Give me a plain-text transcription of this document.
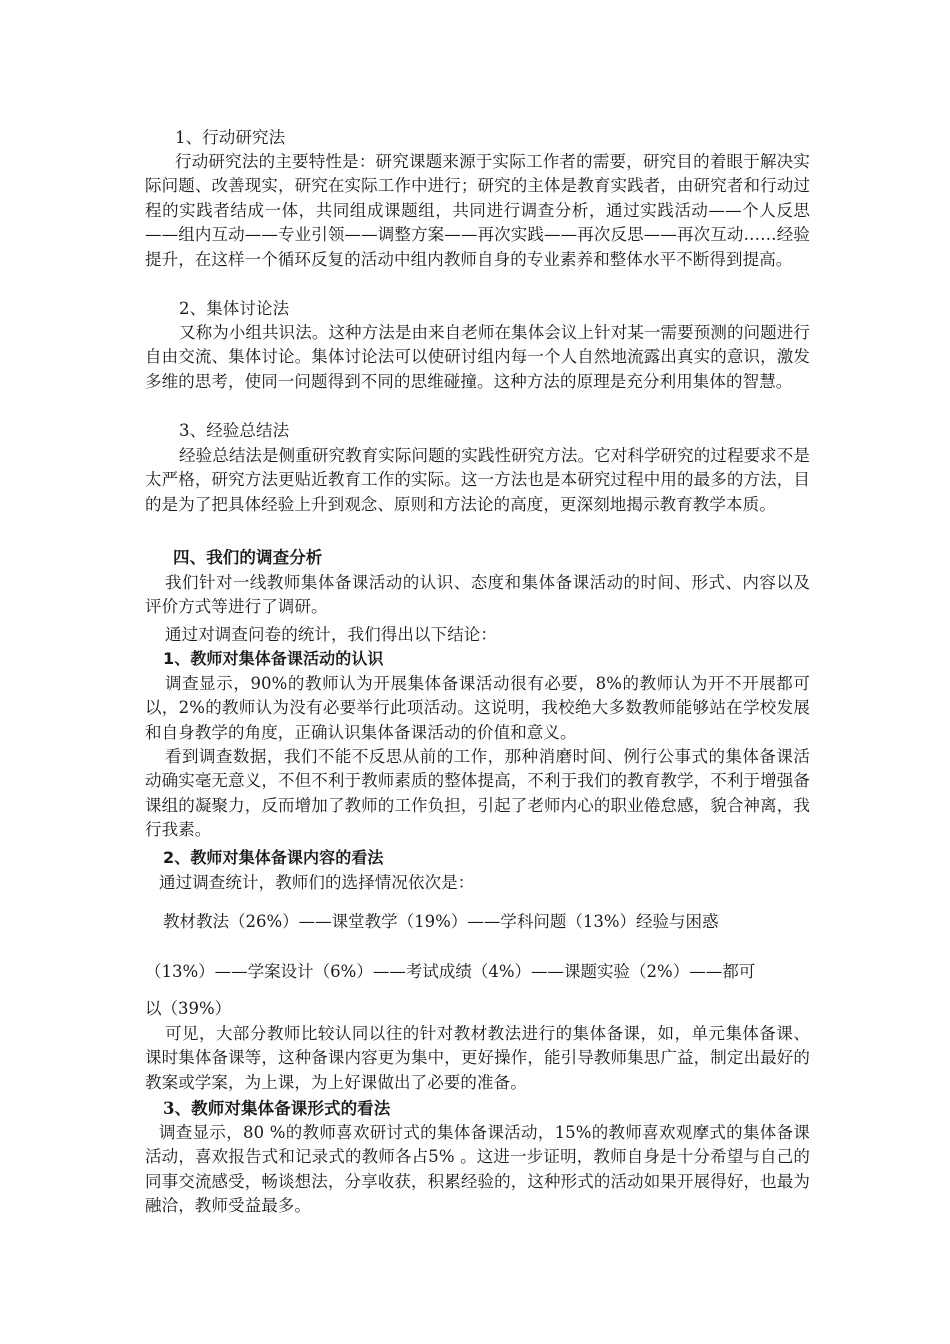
1、行动研究法
行动研究法的主要特性是：研究课题来源于实际工作者的需要，研究目的着眼于解决实际问题、改善现实，研究在实际工作中进行；研究的主体是教育实践者，由研究者和行动过程的实践者结成一体，共同组成课题组，共同进行调查分析，通过实践活动——个人反思——组内互动——专业引领——调整方案——再次实践——再次反思——再次互动……经验提升，在这样一个循环反复的活动中组内教师自身的专业素养和整体水平不断得到提高。
2、集体讨论法
又称为小组共识法。这种方法是由来自老师在集体会议上针对某一需要预测的问题进行自由交流、集体讨论。集体讨论法可以使研讨组内每一个人自然地流露出真实的意识，激发多维的思考，使同一问题得到不同的思维碰撞。这种方法的原理是充分利用集体的智慧。
3、经验总结法
经验总结法是侧重研究教育实际问题的实践性研究方法。它对科学研究的过程要求不是太严格，研究方法更贴近教育工作的实际。这一方法也是本研究过程中用的最多的方法，目的是为了把具体经验上升到观念、原则和方法论的高度，更深刻地揭示教育教学本质。
四、我们的调查分析
我们针对一线教师集体备课活动的认识、态度和集体备课活动的时间、形式、内容以及评价方式等进行了调研。
通过对调查问卷的统计，我们得出以下结论：
1、教师对集体备课活动的认识
调查显示，90%的教师认为开展集体备课活动很有必要，8%的教师认为开不开展都可以，2%的教师认为没有必要举行此项活动。这说明，我校绝大多数教师能够站在学校发展和自身教学的角度，正确认识集体备课活动的价值和意义。
看到调查数据，我们不能不反思从前的工作，那种消磨时间、例行公事式的集体备课活动确实毫无意义，不但不利于教师素质的整体提高，不利于我们的教育教学，不利于增强备课组的凝聚力，反而增加了教师的工作负担，引起了老师内心的职业倦怠感，貌合神离，我行我素。
2、教师对集体备课内容的看法
通过调查统计，教师们的选择情况依次是：
教材教法（26%）——课堂教学（19%）——学科问题（13%）经验与困惑
（13%）——学案设计（6%）——考试成绩（4%）——课题实验（2%）——都可
以（39%）
可见，大部分教师比较认同以往的针对教材教法进行的集体备课，如，单元集体备课、课时集体备课等，这种备课内容更为集中，更好操作，能引导教师集思广益，制定出最好的教案或学案，为上课，为上好课做出了必要的准备。
3、教师对集体备课形式的看法
调查显示，80 %的教师喜欢研讨式的集体备课活动，15%的教师喜欢观摩式的集体备课活动，喜欢报告式和记录式的教师各占5% 。这进一步证明，教师自身是十分希望与自己的同事交流感受，畅谈想法，分享收获，积累经验的，这种形式的活动如果开展得好，也最为融洽，教师受益最多。
